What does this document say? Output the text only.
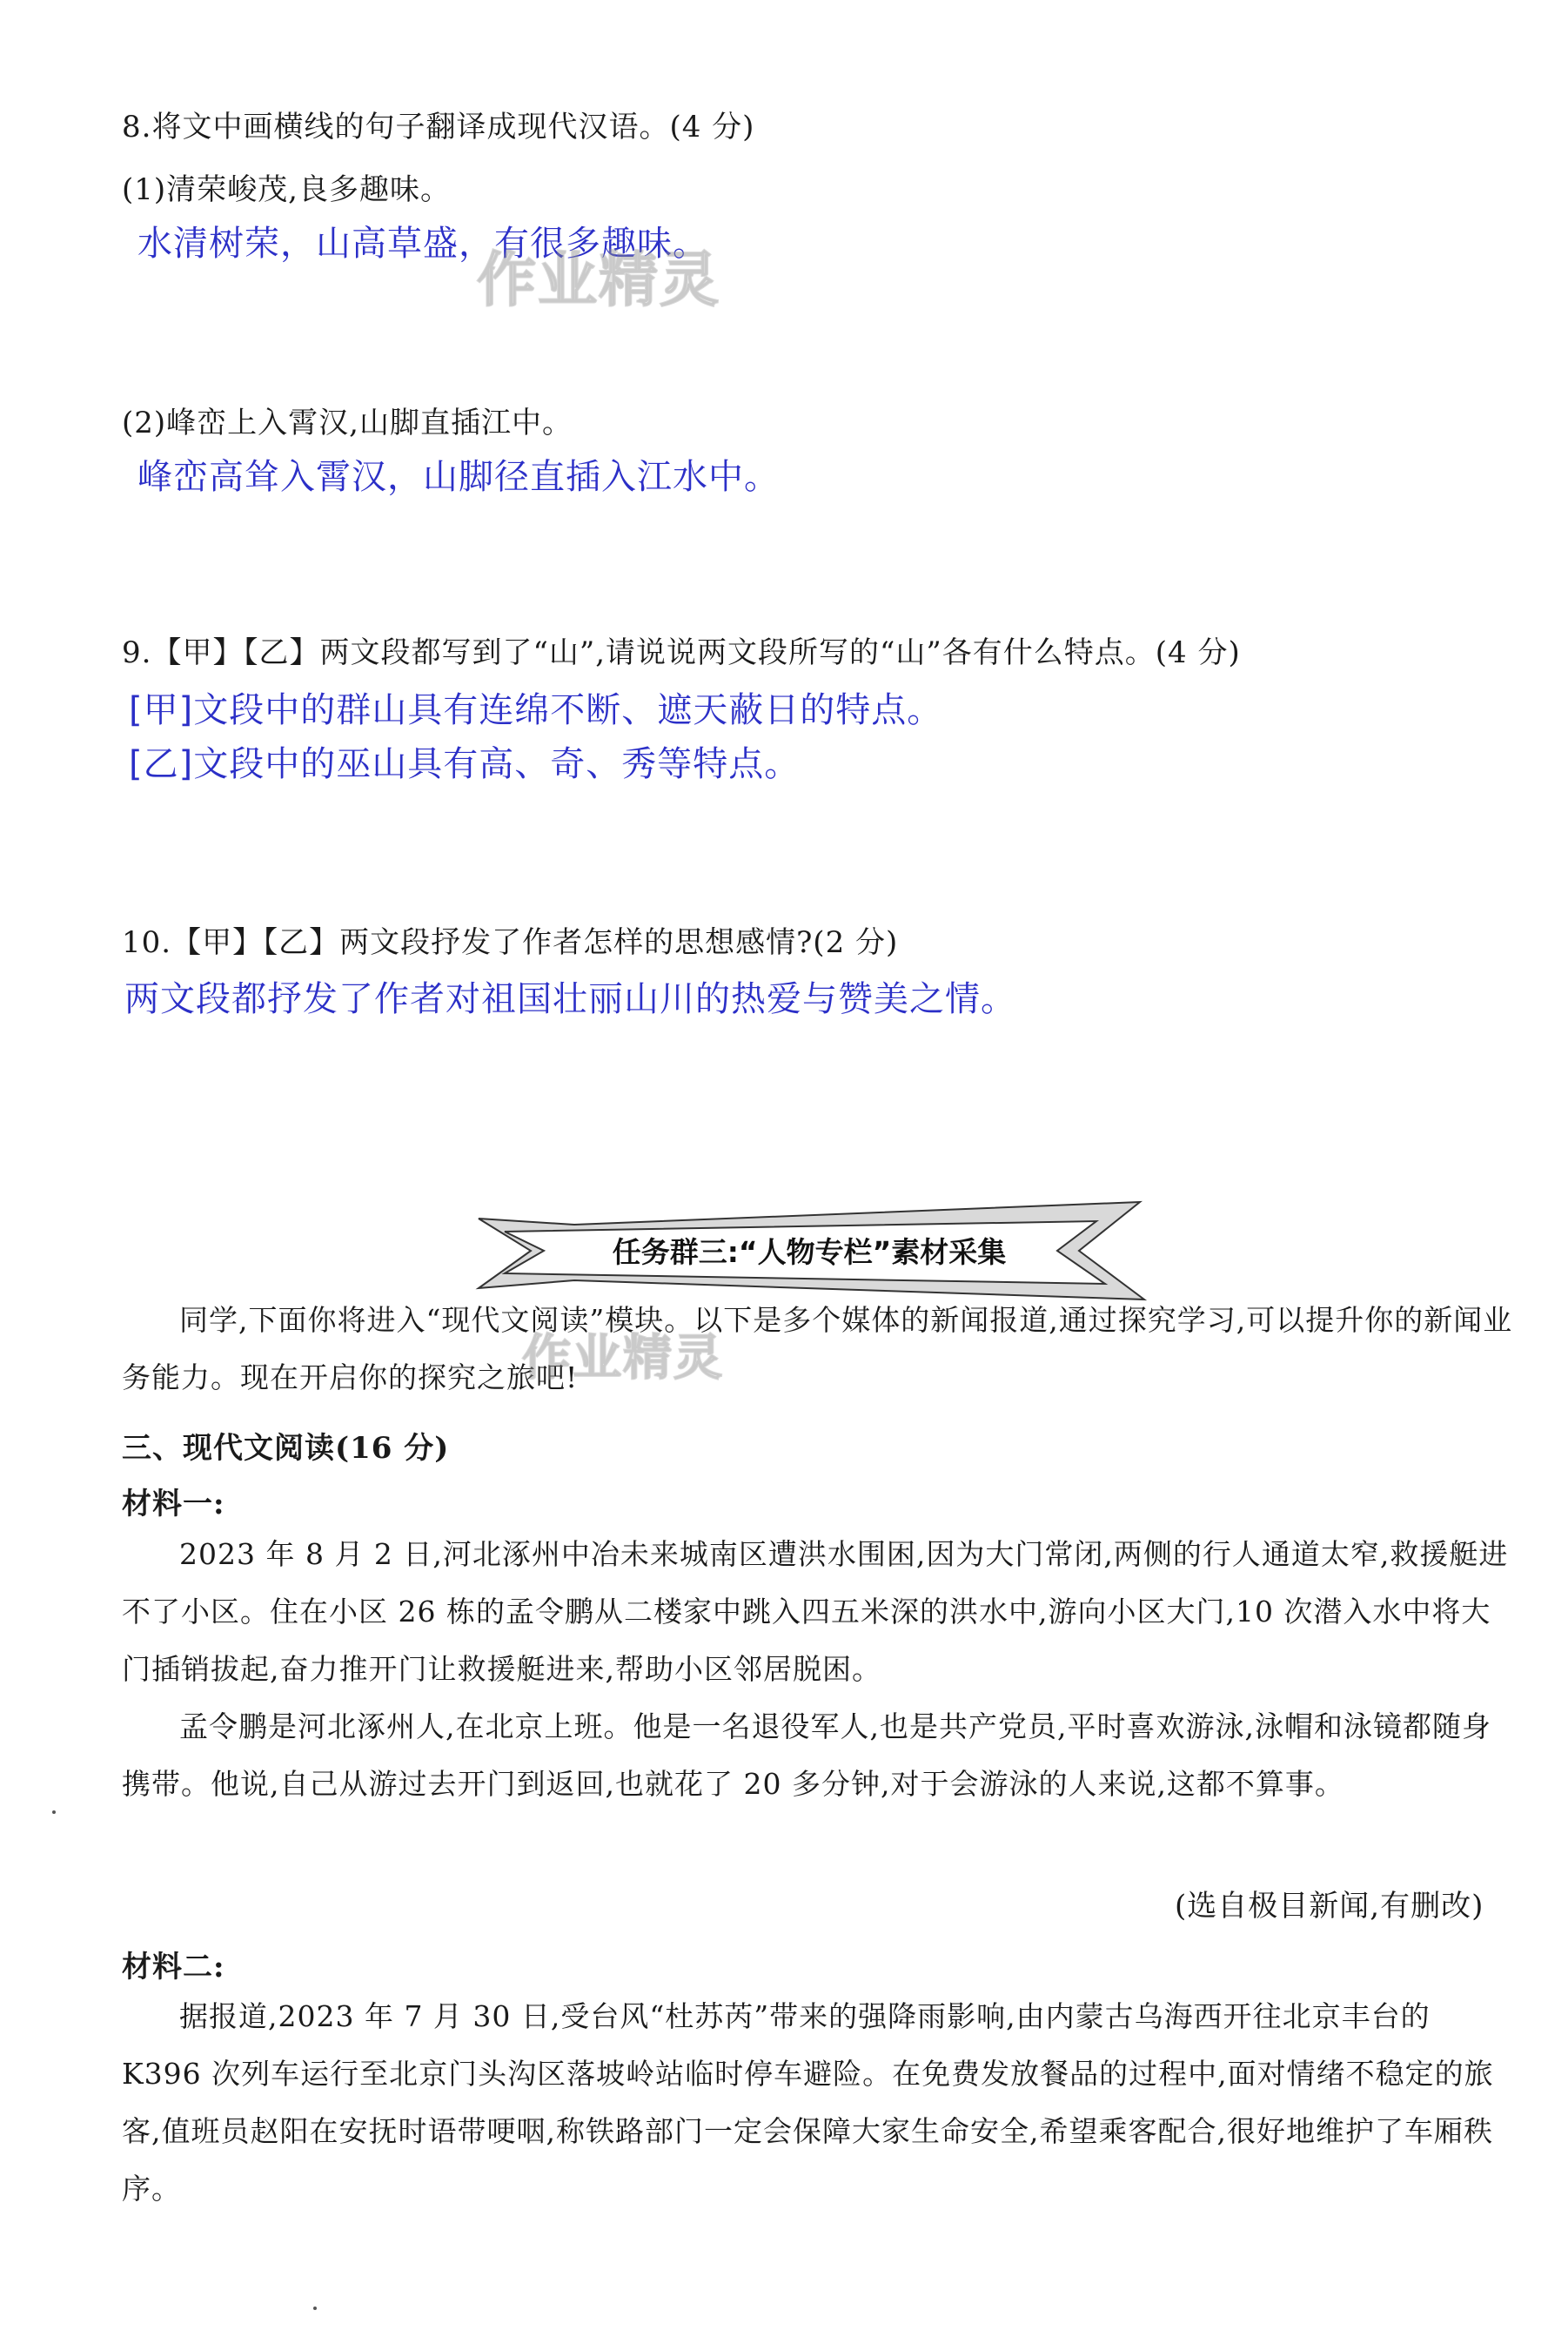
8.将文中画横线的句子翻译成现代汉语。(4 分)
(1)清荣峻茂,良多趣味。
水清树荣，山高草盛，有很多趣味。
作业精灵
(2)峰峦上入霄汉,山脚直插江中。
峰峦高耸入霄汉，山脚径直插入江水中。
9.【甲】【乙】两文段都写到了“山”,请说说两文段所写的“山”各有什么特点。(4 分)
[甲]文段中的群山具有连绵不断、遮天蔽日的特点。
[乙]文段中的巫山具有高、奇、秀等特点。
10.【甲】【乙】两文段抒发了作者怎样的思想感情?(2 分)
两文段都抒发了作者对祖国壮丽山川的热爱与赞美之情。
任务群三:“人物专栏”素材采集
同学,下面你将进入“现代文阅读”模块。以下是多个媒体的新闻报道,通过探究学习,可以提升你的新闻业务能力。现在开启你的探究之旅吧!
作业精灵
三、现代文阅读(16 分)
材料一:
2023 年 8 月 2 日,河北涿州中冶未来城南区遭洪水围困,因为大门常闭,两侧的行人通道太窄,救援艇进不了小区。住在小区 26 栋的孟令鹏从二楼家中跳入四五米深的洪水中,游向小区大门,10 次潜入水中将大门插销拔起,奋力推开门让救援艇进来,帮助小区邻居脱困。
孟令鹏是河北涿州人,在北京上班。他是一名退役军人,也是共产党员,平时喜欢游泳,泳帽和泳镜都随身携带。他说,自己从游过去开门到返回,也就花了 20 多分钟,对于会游泳的人来说,这都不算事。
(选自极目新闻,有删改)
材料二:
据报道,2023 年 7 月 30 日,受台风“杜苏芮”带来的强降雨影响,由内蒙古乌海西开往北京丰台的 K396 次列车运行至北京门头沟区落坡岭站临时停车避险。在免费发放餐品的过程中,面对情绪不稳定的旅客,值班员赵阳在安抚时语带哽咽,称铁路部门一定会保障大家生命安全,希望乘客配合,很好地维护了车厢秩序。
